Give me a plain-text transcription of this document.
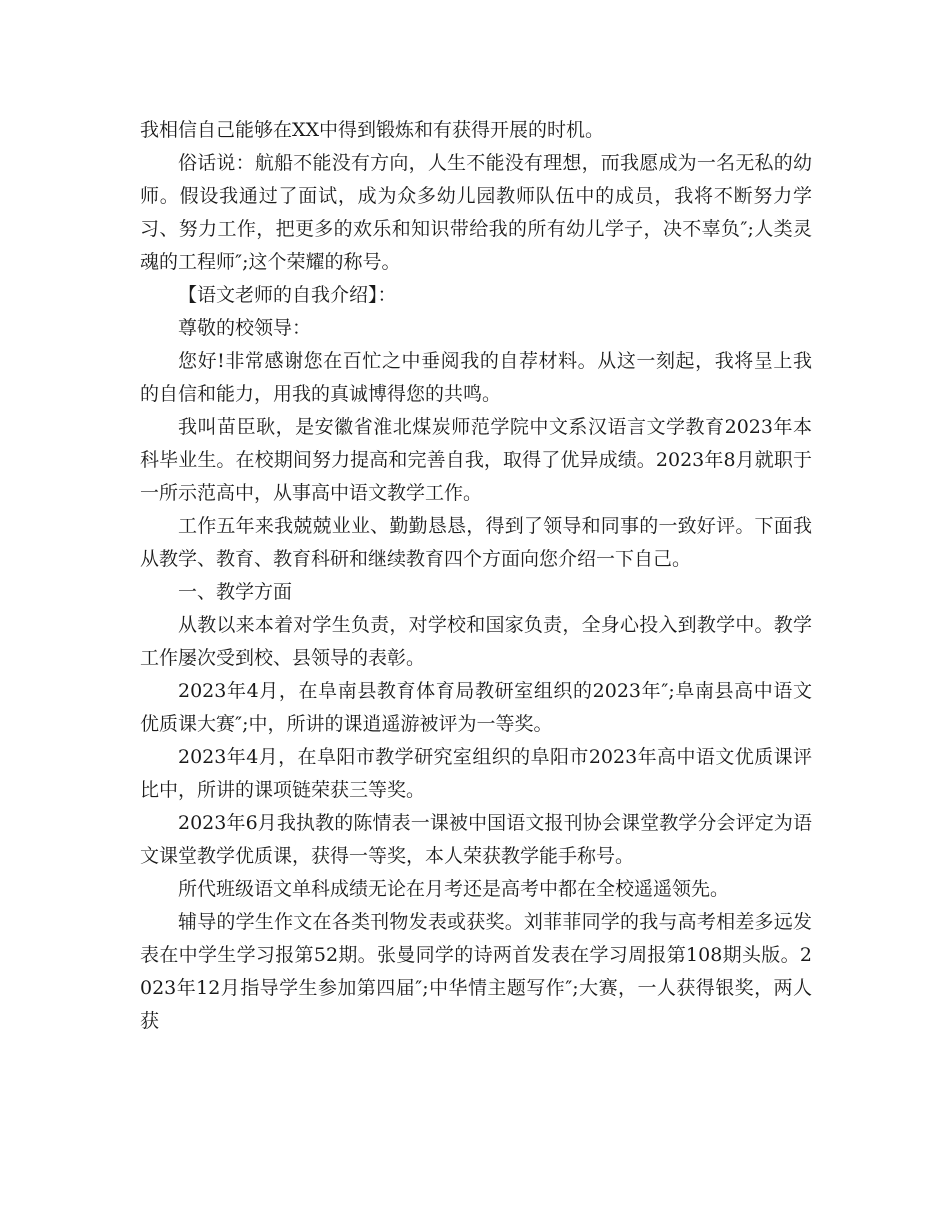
我相信自己能够在XX中得到锻炼和有获得开展的时机。

俗话说：航船不能没有方向，人生不能没有理想，而我愿成为一名无私的幼师。假设我通过了面试，成为众多幼儿园教师队伍中的成员，我将不断努力学习、努力工作，把更多的欢乐和知识带给我的所有幼儿学子，决不辜负″;人类灵魂的工程师″;这个荣耀的称号。

【语文老师的自我介绍】：

尊敬的校领导：

您好!非常感谢您在百忙之中垂阅我的自荐材料。从这一刻起，我将呈上我的自信和能力，用我的真诚博得您的共鸣。

我叫苗臣耿，是安徽省淮北煤炭师范学院中文系汉语言文学教育2023年本科毕业生。在校期间努力提高和完善自我，取得了优异成绩。2023年8月就职于一所示范高中，从事高中语文教学工作。

工作五年来我兢兢业业、勤勤恳恳，得到了领导和同事的一致好评。下面我从教学、教育、教育科研和继续教育四个方面向您介绍一下自己。

一、教学方面

从教以来本着对学生负责，对学校和国家负责，全身心投入到教学中。教学工作屡次受到校、县领导的表彰。

2023年4月，在阜南县教育体育局教研室组织的2023年″;阜南县高中语文优质课大赛″;中，所讲的课逍遥游被评为一等奖。

2023年4月，在阜阳市教学研究室组织的阜阳市2023年高中语文优质课评比中，所讲的课项链荣获三等奖。

2023年6月我执教的陈情表一课被中国语文报刊协会课堂教学分会评定为语文课堂教学优质课，获得一等奖，本人荣获教学能手称号。

所代班级语文单科成绩无论在月考还是高考中都在全校遥遥领先。

辅导的学生作文在各类刊物发表或获奖。刘菲菲同学的我与高考相差多远发表在中学生学习报第52期。张曼同学的诗两首发表在学习周报第108期头版。2023年12月指导学生参加第四届″;中华情主题写作″;大赛，一人获得银奖，两人获
